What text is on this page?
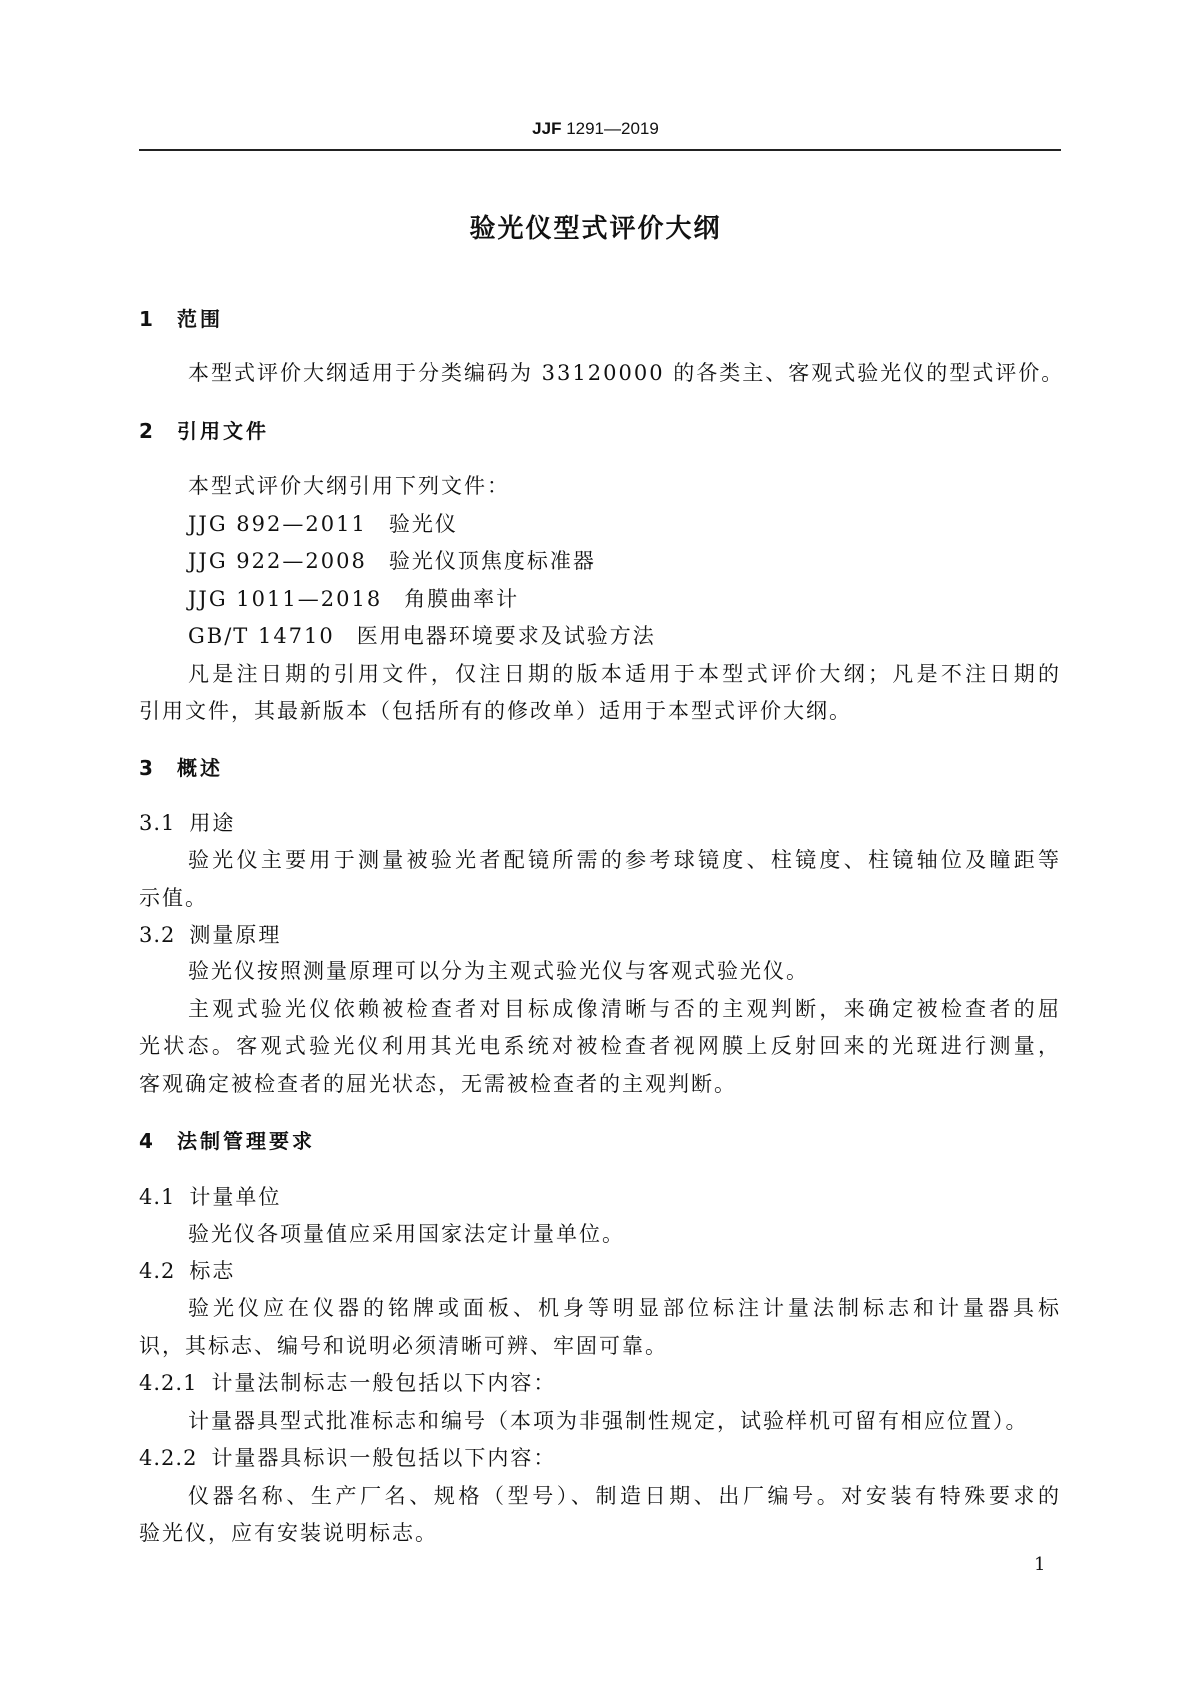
JJF 1291—2019
验光仪型式评价大纲
1 范围
本型式评价大纲适用于分类编码为 33120000 的各类主、客观式验光仪的型式评价。
2 引用文件
本型式评价大纲引用下列文件：
JJG 892—2011 验光仪
JJG 922—2008 验光仪顶焦度标准器
JJG 1011—2018 角膜曲率计
GB/T 14710 医用电器环境要求及试验方法
凡是注日期的引用文件，仅注日期的版本适用于本型式评价大纲；凡是不注日期的
引用文件，其最新版本（包括所有的修改单）适用于本型式评价大纲。
3 概述
3.1 用途
验光仪主要用于测量被验光者配镜所需的参考球镜度、柱镜度、柱镜轴位及瞳距等
示值。
3.2 测量原理
验光仪按照测量原理可以分为主观式验光仪与客观式验光仪。
主观式验光仪依赖被检查者对目标成像清晰与否的主观判断，来确定被检查者的屈
光状态。客观式验光仪利用其光电系统对被检查者视网膜上反射回来的光斑进行测量，
客观确定被检查者的屈光状态，无需被检查者的主观判断。
4 法制管理要求
4.1 计量单位
验光仪各项量值应采用国家法定计量单位。
4.2 标志
验光仪应在仪器的铭牌或面板、机身等明显部位标注计量法制标志和计量器具标
识，其标志、编号和说明必须清晰可辨、牢固可靠。
4.2.1 计量法制标志一般包括以下内容：
计量器具型式批准标志和编号（本项为非强制性规定，试验样机可留有相应位置）。
4.2.2 计量器具标识一般包括以下内容：
仪器名称、生产厂名、规格（型号）、制造日期、出厂编号。对安装有特殊要求的
验光仪，应有安装说明标志。
1
